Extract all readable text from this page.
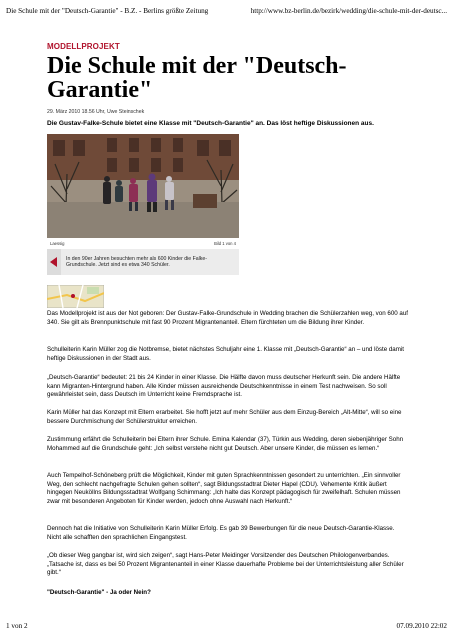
Die Schule mit der "Deutsch-Garantie" - B.Z. - Berlins größte Zeitung	http://www.bz-berlin.de/bezirk/wedding/die-schule-mit-der-deutsc...
MODELLPROJEKT
Die Schule mit der "Deutsch-
Garantie"
29. März 2010 18.56 Uhr, Uwe Steinschek
Die Gustav-Falke-Schule bietet eine Klasse mit "Deutsch-Garantie" an. Das löst heftige Diskussionen aus.
Laessig	Bild 1 von 4
In den 90er Jahren besuchten mehr als 600 Kinder die Falke-Grundschule. Jetzt sind es etwa 340 Schüler.

Das Modellprojekt ist aus der Not geboren: Der Gustav-Falke-Grundschule in Wedding brachen die Schülerzahlen weg, von 600 auf 340. Sie gilt als Brennpunktschule mit fast 90 Prozent Migrantenanteil. Eltern fürchteten um die Bildung ihrer Kinder.

Schulleiterin Karin Müller zog die Notbremse, bietet nächstes Schuljahr eine 1. Klasse mit „Deutsch-Garantie“ an – und löste damit heftige Diskussionen in der Stadt aus.

„Deutsch-Garantie“ bedeutet: 21 bis 24 Kinder in einer Klasse. Die Hälfte davon muss deutscher Herkunft sein. Die andere Hälfte kann Migranten-Hintergrund haben. Alle Kinder müssen ausreichende Deutschkenntnisse in einem Test nachweisen. So soll gewährleistet sein, dass Deutsch im Unterricht keine Fremdsprache ist.

Karin Müller hat das Konzept mit Eltern erarbeitet. Sie hofft jetzt auf mehr Schüler aus dem Einzug-Bereich „Alt-Mitte“, will so eine bessere Durchmischung der Schülerstruktur erreichen.

Zustimmung erfährt die Schulleiterin bei Eltern ihrer Schule. Emina Kalendar (37), Türkin aus Wedding, deren siebenjähriger Sohn Mohammed auf die Grundschule geht: „Ich selbst verstehe nicht gut Deutsch. Aber unsere Kinder, die müssen es lernen.“

Auch Tempelhof-Schöneberg prüft die Möglichkeit, Kinder mit guten Sprachkenntnissen gesondert zu unterrichten. „Ein sinnvoller Weg, den schlecht nachgefragte Schulen gehen sollten“, sagt Bildungsstadtrat Dieter Hapel (CDU). Vehemente Kritik äußert hingegen Neuköllns Bildungsstadtrat Wolfgang Schimmang: „Ich halte das Konzept pädagogisch für zweifelhaft. Schulen müssen zwar mit besonderen Angeboten für Kinder werden, jedoch ohne Auswahl nach Herkunft.“

Dennoch hat die Initiative von Schulleiterin Karin Müller Erfolg. Es gab 39 Bewerbungen für die neue Deutsch-Garantie-Klasse. Nicht alle schafften den sprachlichen Eingangstest.

„Ob dieser Weg gangbar ist, wird sich zeigen“, sagt Hans-Peter Meidinger Vorsitzender des Deutschen Philologenverbandes. „Tatsache ist, dass es bei 50 Prozent Migrantenanteil in einer Klasse dauerhafte Probleme bei der Unterrichtsleistung aller Schüler gibt.“

"Deutsch-Garantie" - Ja oder Nein?

1 von 2	07.09.2010 22:02
